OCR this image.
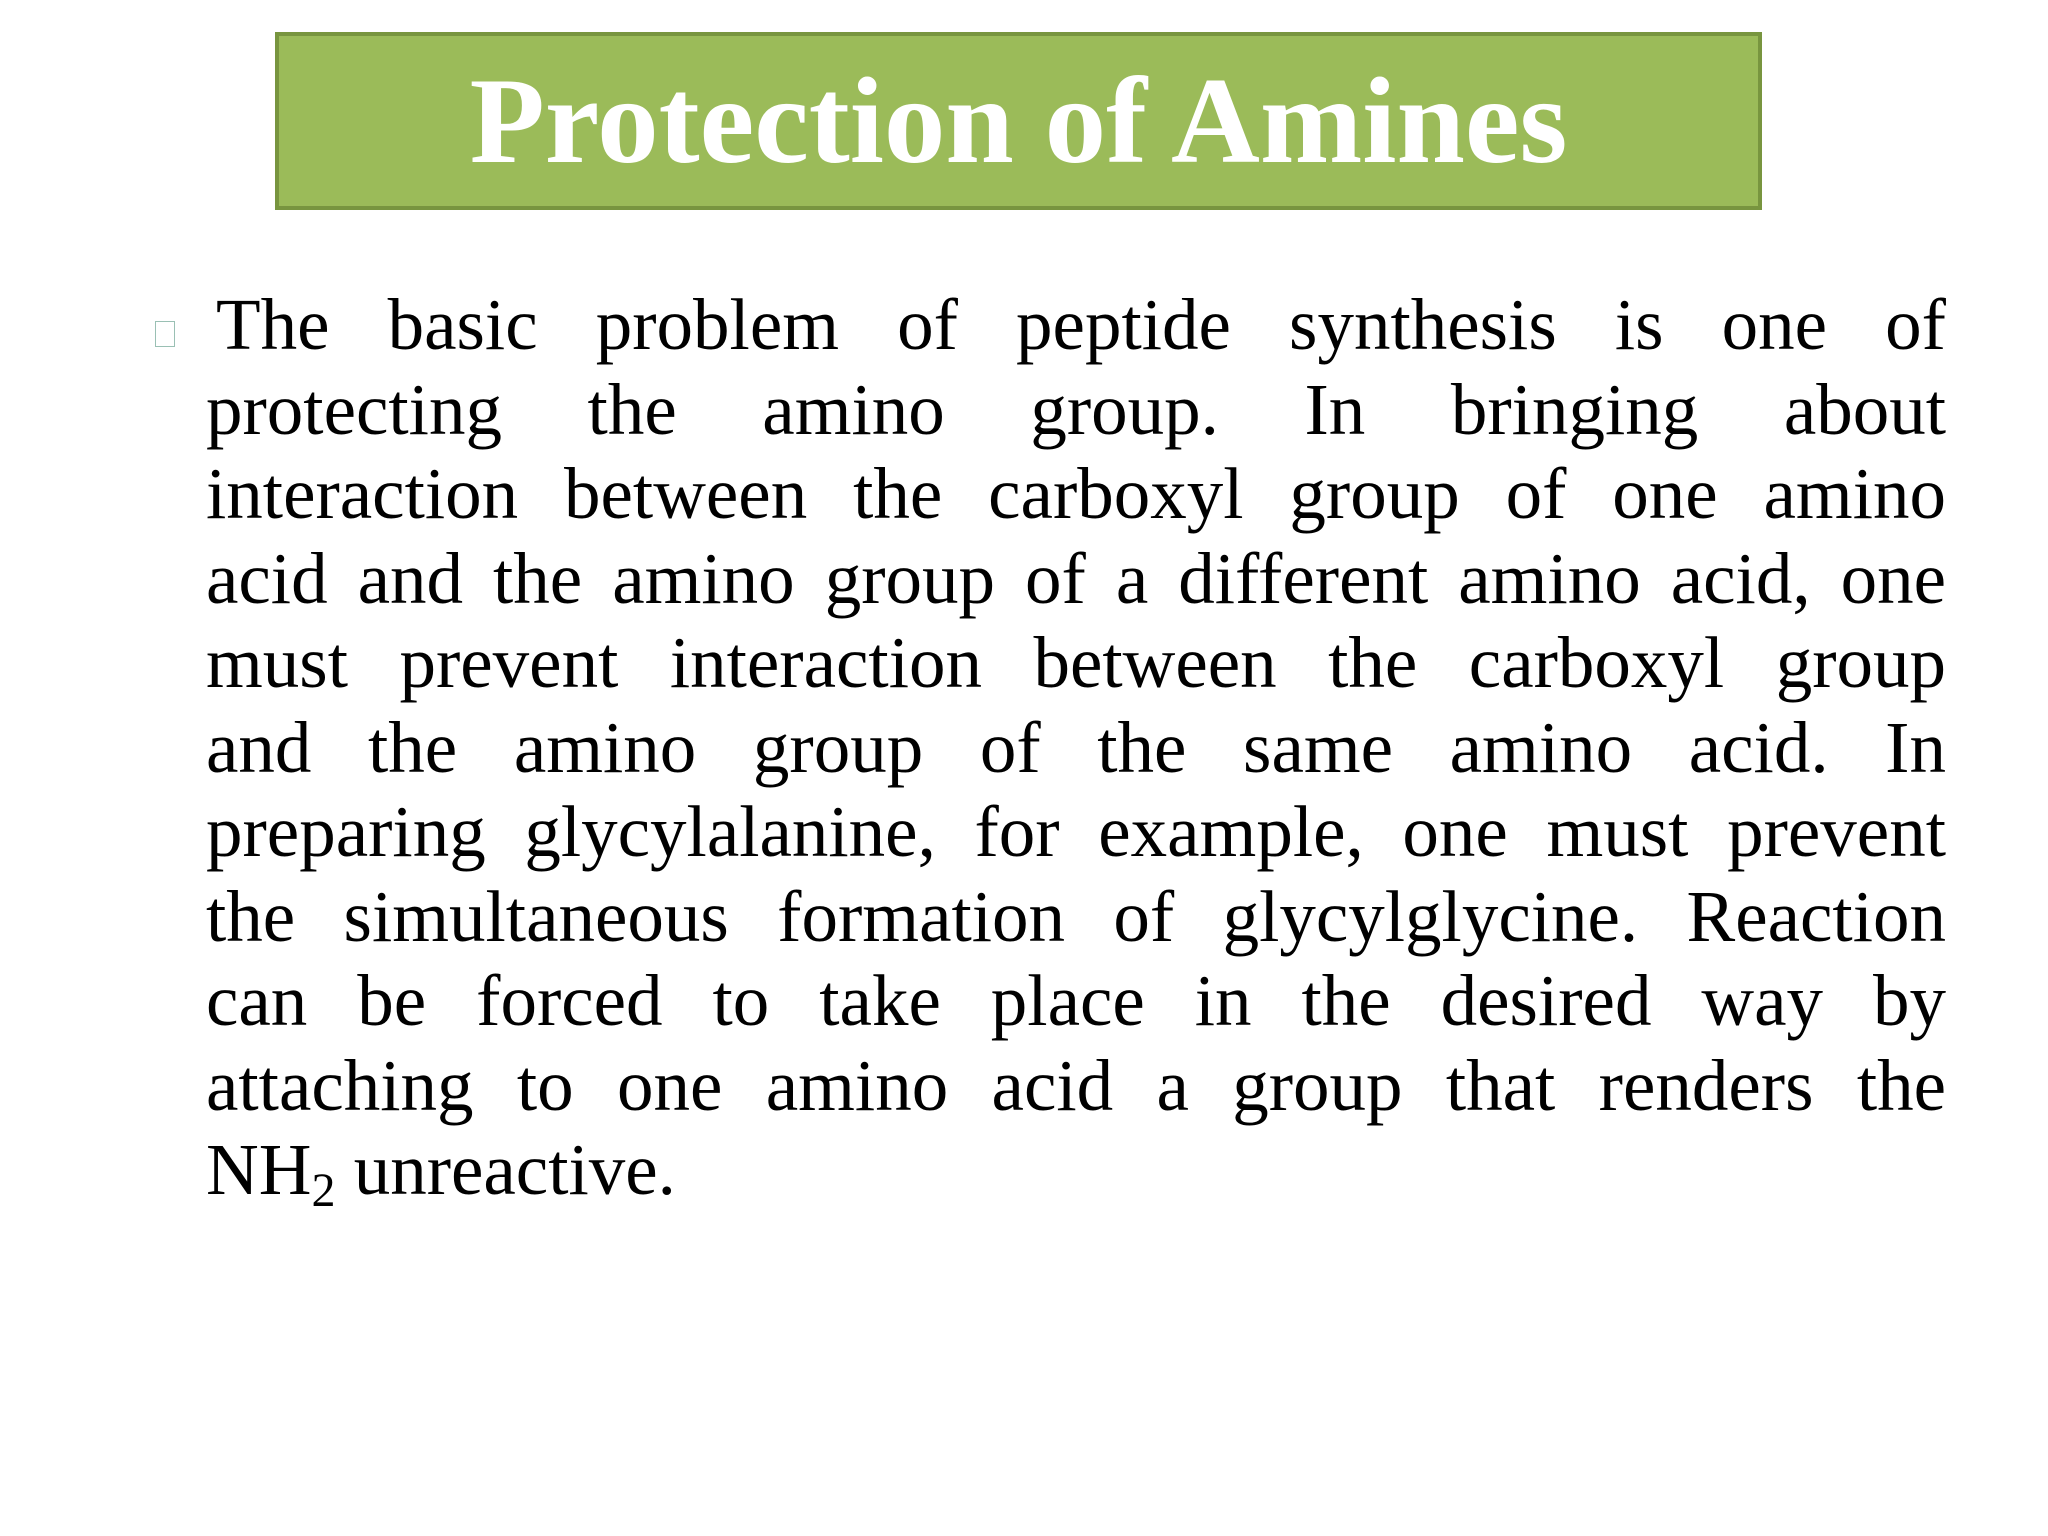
Protection of Amines
The basic problem of peptide synthesis is one of
protecting the amino group. In bringing about
interaction between the carboxyl group of one amino
acid and the amino group of a different amino acid, one
must prevent interaction between the carboxyl group
and the amino group of the same amino acid. In
preparing glycylalanine, for example, one must prevent
the simultaneous formation of glycylglycine. Reaction
can be forced to take place in the desired way by
attaching to one amino acid a group that renders the
$NH_2$ unreactive.
